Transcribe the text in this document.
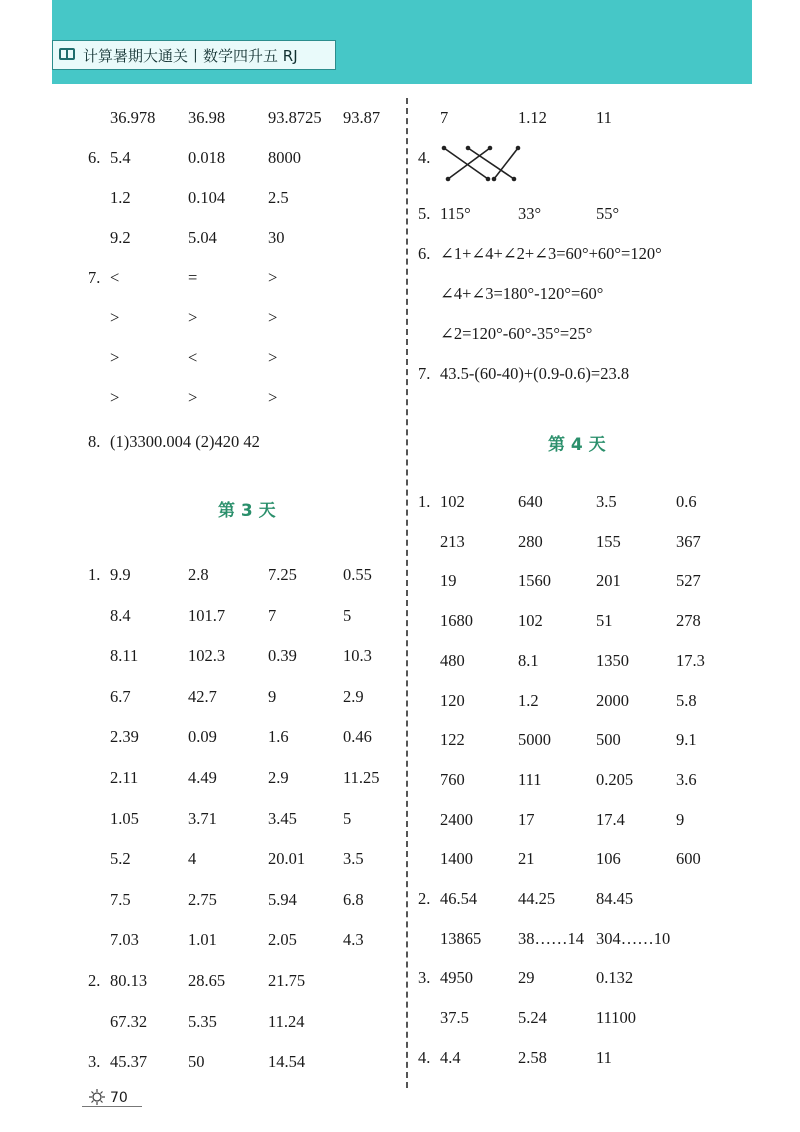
计算暑期大通关丨数学四升五 RJ
36.978 36.98	93.8725 93.87
6. 5.4	0.018	8000
1.2	0.104	2.5
9.2	5.04	30
7. <	=	>
>	>	>
>	<	>
>	>	>
8. (1)3300.004 (2)420 42
第 3 天
1. 9.9	2.8	7.25	0.55
8.4	101.7	7	5
8.11	102.3	0.39	10.3
6.7	42.7	9	2.9
2.39	0.09	1.6	0.46
2.11	4.49	2.9	11.25
1.05	3.71	3.45	5
5.2	4	20.01 3.5
7.5	2.75	5.94	6.8
7.03	1.01	2.05	4.3
2. 80.13 28.65	21.75
67.32 5.35	11.24
3. 45.37 50	14.54
7	1.12	11
4.
5. 115°	33°	55°
6. ∠1+∠4+∠2+∠3=60°+60°=120°
∠4+∠3=180°-120°=60°
∠2=120°-60°-35°=25°
7. 43.5-(60-40)+(0.9-0.6)=23.8
第 4 天
1. 102	640	3.5	0.6
213	280	155	367
19	1560	201	527
1680	102	51	278
480	8.1	1350	17.3
120	1.2	2000	5.8
122	5000	500	9.1
760	111	0.205	3.6
2400	17	17.4	9
1400	21	106	600
2. 46.54 44.25 84.45
13865 38……14 304……10
3. 4950	29	0.132
37.5	5.24	11100
4. 4.4	2.58	11
70
